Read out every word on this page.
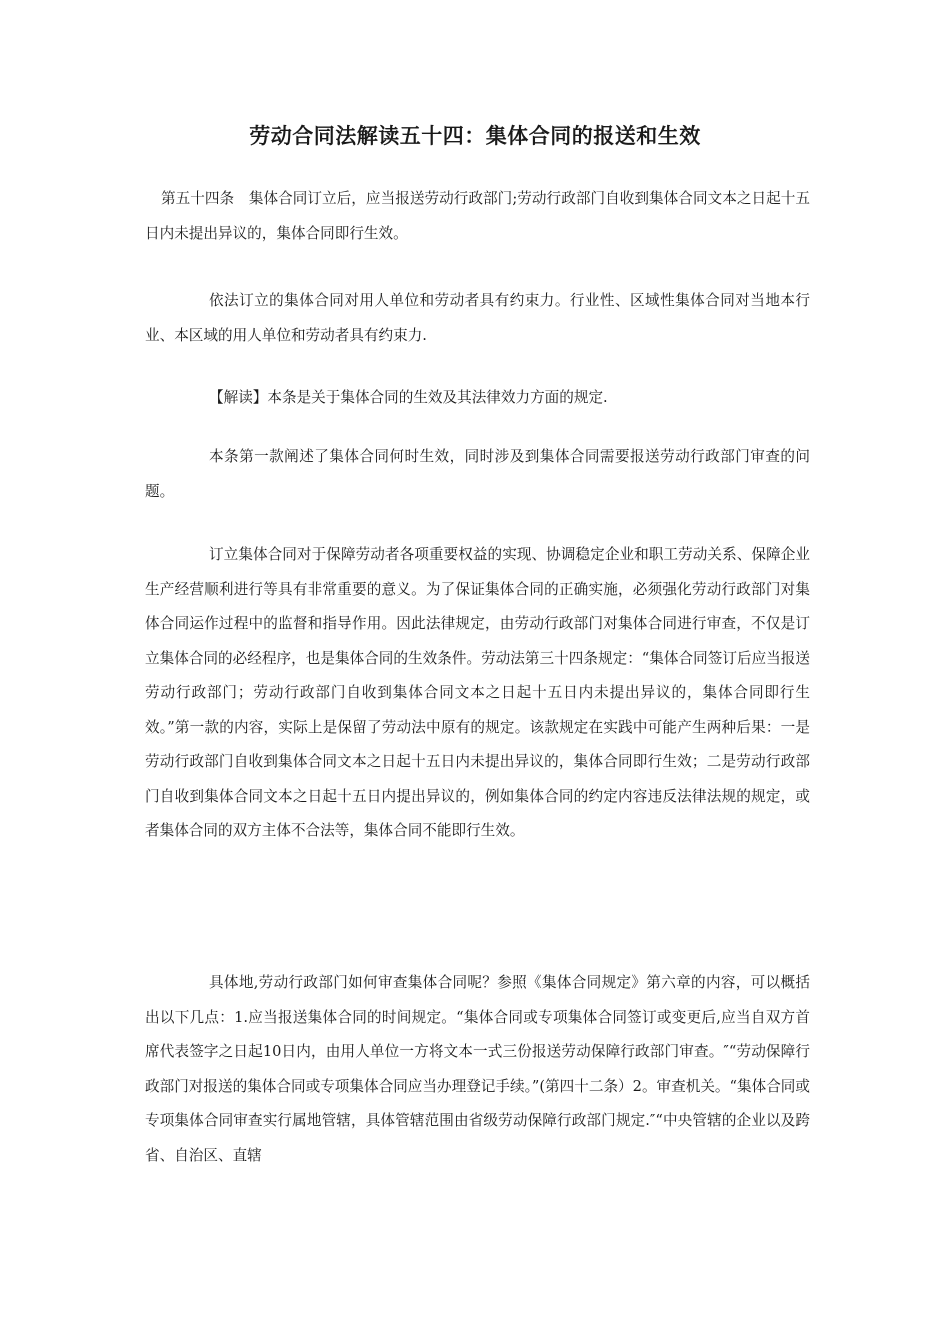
劳动合同法解读五十四：集体合同的报送和生效

第五十四条　集体合同订立后，应当报送劳动行政部门;劳动行政部门自收到集体合同文本之日起十五日内未提出异议的，集体合同即行生效。

依法订立的集体合同对用人单位和劳动者具有约束力。行业性、区域性集体合同对当地本行业、本区域的用人单位和劳动者具有约束力.

【解读】本条是关于集体合同的生效及其法律效力方面的规定.

本条第一款阐述了集体合同何时生效，同时涉及到集体合同需要报送劳动行政部门审查的问题。

订立集体合同对于保障劳动者各项重要权益的实现、协调稳定企业和职工劳动关系、保障企业生产经营顺利进行等具有非常重要的意义。为了保证集体合同的正确实施，必须强化劳动行政部门对集体合同运作过程中的监督和指导作用。因此法律规定，由劳动行政部门对集体合同进行审查，不仅是订立集体合同的必经程序，也是集体合同的生效条件。劳动法第三十四条规定：“集体合同签订后应当报送劳动行政部门；劳动行政部门自收到集体合同文本之日起十五日内未提出异议的，集体合同即行生效。”第一款的内容，实际上是保留了劳动法中原有的规定。该款规定在实践中可能产生两种后果：一是劳动行政部门自收到集体合同文本之日起十五日内未提出异议的，集体合同即行生效；二是劳动行政部门自收到集体合同文本之日起十五日内提出异议的，例如集体合同的约定内容违反法律法规的规定，或者集体合同的双方主体不合法等，集体合同不能即行生效。

具体地,劳动行政部门如何审查集体合同呢？参照《集体合同规定》第六章的内容，可以概括出以下几点：1.应当报送集体合同的时间规定。“集体合同或专项集体合同签订或变更后,应当自双方首席代表签字之日起10日内，由用人单位一方将文本一式三份报送劳动保障行政部门审查。″“劳动保障行政部门对报送的集体合同或专项集体合同应当办理登记手续。”(第四十二条）2。审查机关。“集体合同或专项集体合同审查实行属地管辖，具体管辖范围由省级劳动保障行政部门规定.″“中央管辖的企业以及跨省、自治区、直辖
